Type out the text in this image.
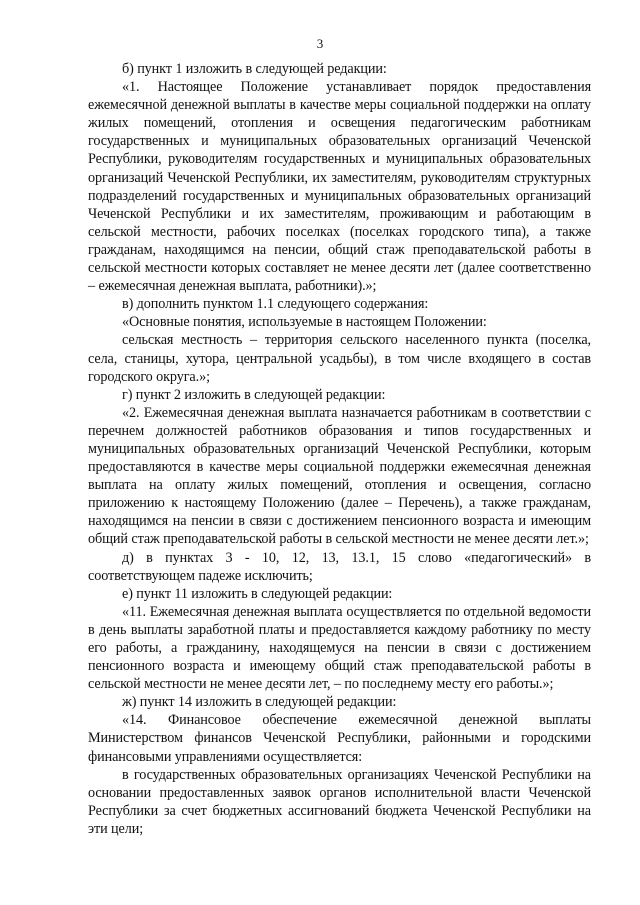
3

б) пункт 1 изложить в следующей редакции:

«1. Настоящее Положение устанавливает порядок предоставления ежемесячной денежной выплаты в качестве меры социальной поддержки на оплату жилых помещений, отопления и освещения педагогическим работникам государственных и муниципальных образовательных организаций Чеченской Республики, руководителям государственных и муниципальных образовательных организаций Чеченской Республики, их заместителям, руководителям структурных подразделений государственных и муниципальных образовательных организаций Чеченской Республики и их заместителям, проживающим и работающим в сельской местности, рабочих поселках (поселках городского типа), а также гражданам, находящимся на пенсии, общий стаж преподавательской работы в сельской местности которых составляет не менее десяти лет (далее соответственно – ежемесячная денежная выплата, работники).»;

в) дополнить пунктом 1.1 следующего содержания:

«Основные понятия, используемые в настоящем Положении:

сельская местность – территория сельского населенного пункта (поселка, села, станицы, хутора, центральной усадьбы), в том числе входящего в состав городского округа.»;

г) пункт 2 изложить в следующей редакции:

«2. Ежемесячная денежная выплата назначается работникам в соответствии с перечнем должностей работников образования и типов государственных и муниципальных образовательных организаций Чеченской Республики, которым предоставляются в качестве меры социальной поддержки ежемесячная денежная выплата на оплату жилых помещений, отопления и освещения, согласно приложению к настоящему Положению (далее – Перечень), а также гражданам, находящимся на пенсии в связи с достижением пенсионного возраста и имеющим общий стаж преподавательской работы в сельской местности не менее десяти лет.»;

д) в пунктах 3 - 10, 12, 13, 13.1, 15 слово «педагогический» в соответствующем падеже исключить;

е) пункт 11 изложить в следующей редакции:

«11. Ежемесячная денежная выплата осуществляется по отдельной ведомости в день выплаты заработной платы и предоставляется каждому работнику по месту его работы, а гражданину, находящемуся на пенсии в связи с достижением пенсионного возраста и имеющему общий стаж преподавательской работы в сельской местности не менее десяти лет, – по последнему месту его работы.»;

ж) пункт 14 изложить в следующей редакции:

«14. Финансовое обеспечение ежемесячной денежной выплаты Министерством финансов Чеченской Республики, районными и городскими финансовыми управлениями осуществляется:

в государственных образовательных организациях Чеченской Республики на основании предоставленных заявок органов исполнительной власти Чеченской Республики за счет бюджетных ассигнований бюджета Чеченской Республики на эти цели;
